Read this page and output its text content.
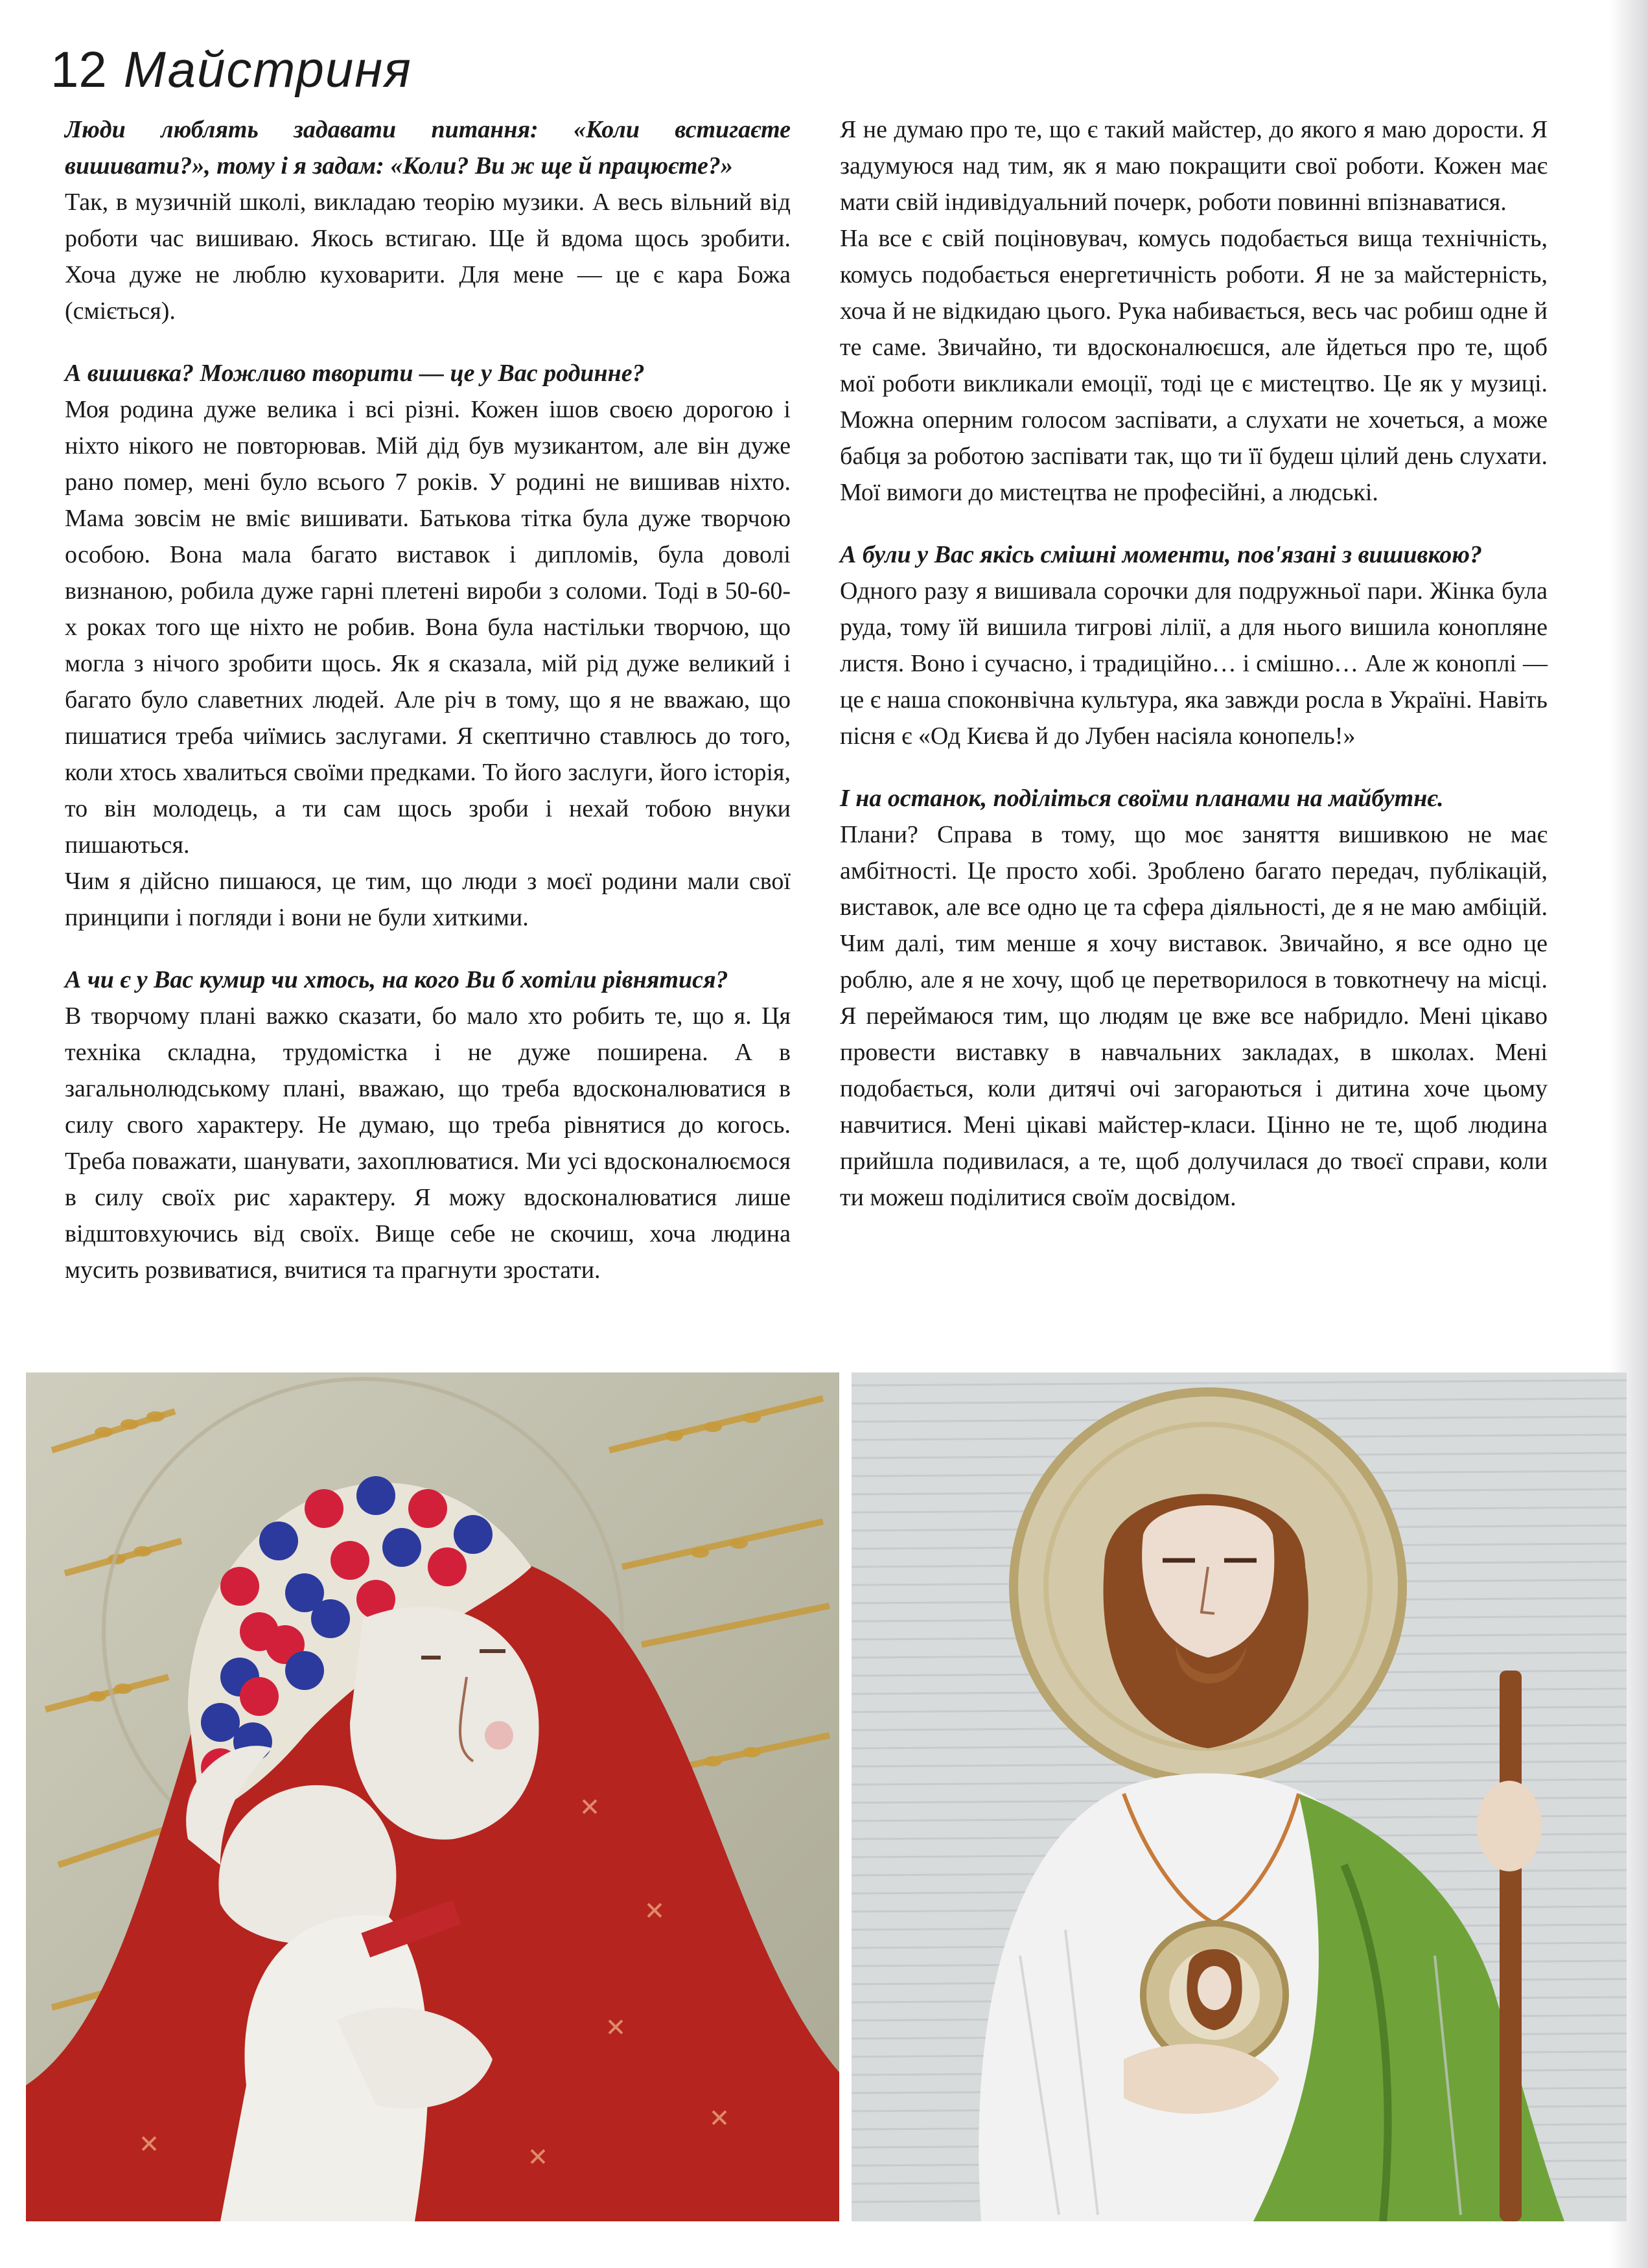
12 Майстриня

Люди люблять задавати питання: «Коли встигаєте вишивати?», тому і я задам: «Коли? Ви ж ще й працюєте?»

Так, в музичній школі, викладаю теорію музики. А весь вільний від роботи час вишиваю. Якось встигаю. Ще й вдома щось зробити. Хоча дуже не люблю куховарити. Для мене — це є кара Божа (сміється).

А вишивка? Можливо творити — це у Вас родинне?

Моя родина дуже велика і всі різні. Кожен ішов своєю дорогою і ніхто нікого не повторював. Мій дід був музикантом, але він дуже рано помер, мені було всього 7 років. У родині не вишивав ніхто. Мама зовсім не вміє вишивати. Батькова тітка була дуже творчою особою. Вона мала багато виставок і дипломів, була доволі визнаною, робила дуже гарні плетені вироби з соломи. Тоді в 50-60-х роках того ще ніхто не робив. Вона була настільки творчою, що могла з нічого зробити щось. Як я сказала, мій рід дуже великий і багато було славетних людей. Але річ в тому, що я не вважаю, що пишатися треба чиїмись заслугами. Я скептично ставлюсь до того, коли хтось хвалиться своїми предками. То його заслуги, його історія, то він молодець, а ти сам щось зроби і нехай тобою внуки пишаються.

Чим я дійсно пишаюся, це тим, що люди з моєї родини мали свої принципи і погляди і вони не були хиткими.

А чи є у Вас кумир чи хтось, на кого Ви б хотіли рівнятися?

В творчому плані важко сказати, бо мало хто робить те, що я. Ця техніка складна, трудомістка і не дуже поширена. А в загальнолюдському плані, вважаю, що треба вдосконалюватися в силу свого характеру. Не думаю, що треба рівнятися до когось. Треба поважати, шанувати, захоплюватися. Ми усі вдосконалюємося в силу своїх рис характеру. Я можу вдосконалюватися лише відштовхуючись від своїх. Вище себе не скочиш, хоча людина мусить розвиватися, вчитися та прагнути зростати.

Я не думаю про те, що є такий майстер, до якого я маю дорости. Я задумуюся над тим, як я маю покращити свої роботи. Кожен має мати свій індивідуальний почерк, роботи повинні впізнаватися.

На все є свій поціновувач, комусь подобається вища технічність, комусь подобається енергетичність роботи. Я не за майстерність, хоча й не відкидаю цього. Рука набивається, весь час робиш одне й те саме. Звичайно, ти вдосконалюєшся, але йдеться про те, щоб мої роботи викликали емоції, тоді це є мистецтво. Це як у музиці. Можна оперним голосом заспівати, а слухати не хочеться, а може бабця за роботою заспівати так, що ти її будеш цілий день слухати. Мої вимоги до мистецтва не професійні, а людські.

А були у Вас якісь смішні моменти, пов'язані з вишивкою?

Одного разу я вишивала сорочки для подружньої пари. Жінка була руда, тому їй вишила тигрові лілії, а для нього вишила конопляне листя. Воно і сучасно, і традиційно… і смішно… Але ж коноплі — це є наша споконвічна культура, яка завжди росла в Україні. Навіть пісня є «Од Києва й до Лубен насіяла конопель!»

І на останок, поділіться своїми планами на майбутнє.

Плани? Справа в тому, що моє заняття вишивкою не має амбітності. Це просто хобі. Зроблено багато передач, публікацій, виставок, але все одно це та сфера діяльності, де я не маю амбіцій. Чим далі, тим менше я хочу виставок. Звичайно, я все одно це роблю, але я не хочу, щоб це перетворилося в товкотнечу на місці. Я переймаюся тим, що людям це вже все набридло. Мені цікаво провести виставку в навчальних закладах, в школах. Мені подобається, коли дитячі очі загораються і дитина хоче цьому навчитися. Мені цікаві майстер-класи. Цінно не те, щоб людина прийшла подивилася, а те, щоб долучилася до твоєї справи, коли ти можеш поділитися своїм досвідом.
